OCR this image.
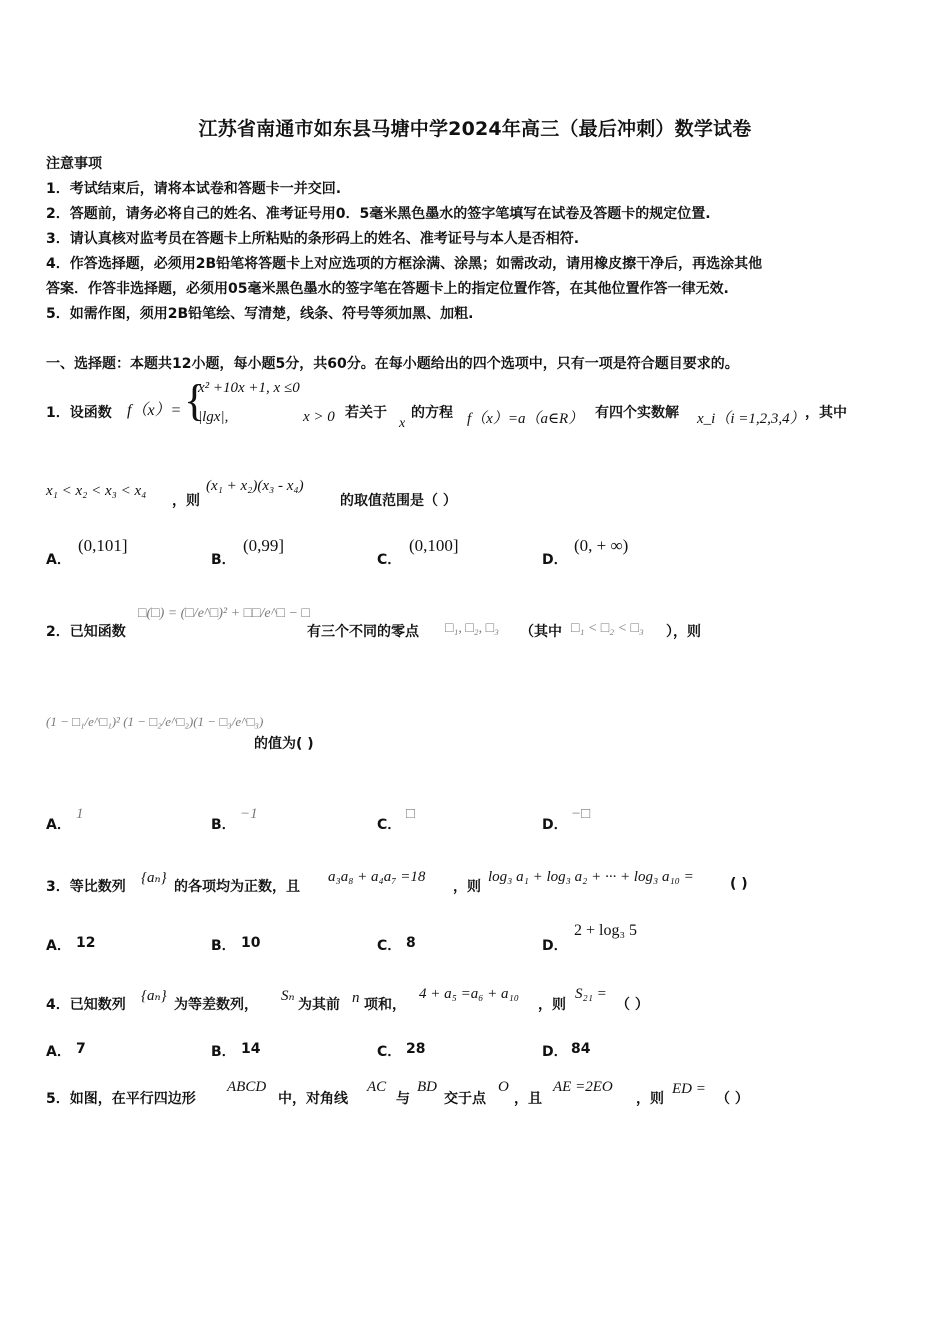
江苏省南通市如东县马塘中学2024年高三（最后冲刺）数学试卷
注意事项
1．考试结束后，请将本试卷和答题卡一并交回.
2．答题前，请务必将自己的姓名、准考证号用0．5毫米黑色墨水的签字笔填写在试卷及答题卡的规定位置.
3．请认真核对监考员在答题卡上所粘贴的条形码上的姓名、准考证号与本人是否相符.
4．作答选择题，必须用2B铅笔将答题卡上对应选项的方框涂满、涂黑；如需改动，请用橡皮擦干净后，再选涂其他
答案．作答非选择题，必须用05毫米黑色墨水的签字笔在答题卡上的指定位置作答，在其他位置作答一律无效.
5．如需作图，须用2B铅笔绘、写清楚，线条、符号等须加黑、加粗.
一、选择题：本题共12小题，每小题5分，共60分。在每小题给出的四个选项中，只有一项是符合题目要求的。
1．设函数 f（x）= {
x² +10x +1, x ≤0
|lgx|,	x > 0 若关于
x
的方程 f（x）=a（a∈R） 有四个实数解 x_i（i =1,2,3,4） ，其中
x₁ < x₂ < x₃ < x₄
，则
(x₁ + x₂)(x₃ - x₄)
的取值范围是（ ）
A．
(0,101]
B．
(0,99]
C．
(0,100]
D．
(0, + ∞)
2．已知函数
□(□) = (□/e^□)² + □□/e^□ − □
有三个不同的零点 □₁, □₂, □₃ （其中 □₁ < □₂ < □₃ ），则
(1 − □₁/e^□₁)² (1 − □₂/e^□₂)(1 − □₃/e^□₃)
的值为( )
A．
1
B．
−1
C．
□
D．
−□
3．等比数列
{aₙ}
的各项均为正数，且
a₃a₈ + a₄a₇ =18
，则
log₃ a₁ + log₃ a₂ + ··· + log₃ a₁₀ =	( )
A． 12	B． 10	C． 8	D．
2 + log₃ 5
4．已知数列
{aₙ}
为等差数列，
Sₙ
为其前 n 项和，
4 + a₅ =a₆ + a₁₀
，则
S₂₁ =
（ ）
A． 7	B． 14	C． 28	D． 84
5．如图，在平行四边形
ABCD
中，对角线
AC
与
BD
交于点
O
，且
AE =2EO
，则
ED =
（ ）
